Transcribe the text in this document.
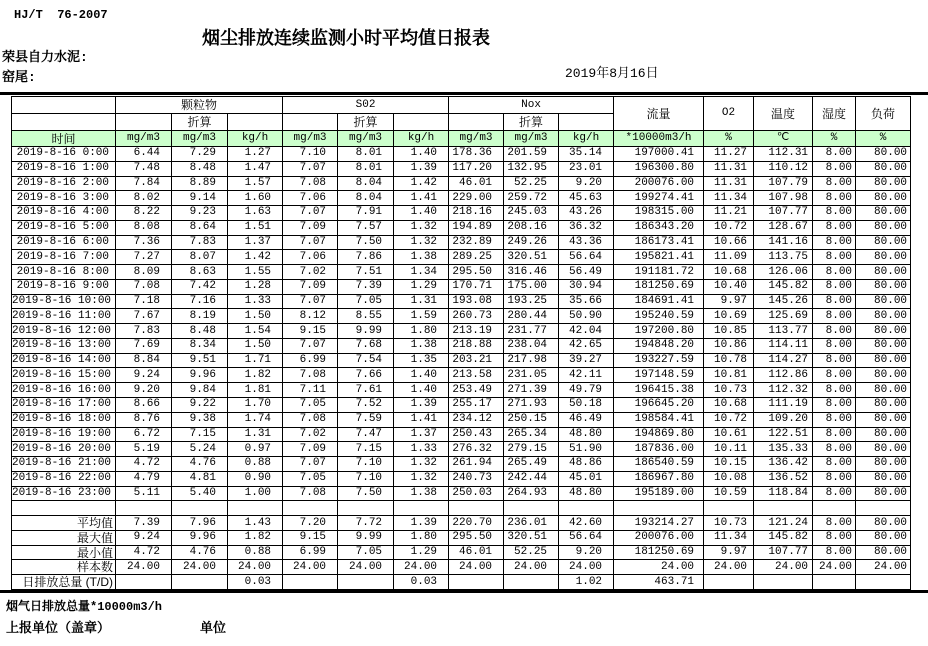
HJ/T  76-2007
烟尘排放连续监测小时平均值日报表
荣县自力水泥:
窑尾:	2019年8月16日
	颗粒物			S02			Nox			流量	O2	温度	湿度	负荷
		折算			折算			折算						
时间	mg/m3	mg/m3	kg/h	mg/m3	mg/m3	kg/h	mg/m3	mg/m3	kg/h	*10000m3/h	%	℃	%	%
2019-8-16 0:00	6.44	7.29	1.27	7.10	8.01	1.40	178.36	201.59	35.14	197000.41	11.27	112.31	8.00	80.00
2019-8-16 1:00	7.48	8.48	1.47	7.07	8.01	1.39	117.20	132.95	23.01	196300.80	11.31	110.12	8.00	80.00
2019-8-16 2:00	7.84	8.89	1.57	7.08	8.04	1.42	46.01	52.25	9.20	200076.00	11.31	107.79	8.00	80.00
2019-8-16 3:00	8.02	9.14	1.60	7.06	8.04	1.41	229.00	259.72	45.63	199274.41	11.34	107.98	8.00	80.00
2019-8-16 4:00	8.22	9.23	1.63	7.07	7.91	1.40	218.16	245.03	43.26	198315.00	11.21	107.77	8.00	80.00
2019-8-16 5:00	8.08	8.64	1.51	7.09	7.57	1.32	194.89	208.16	36.32	186343.20	10.72	128.67	8.00	80.00
2019-8-16 6:00	7.36	7.83	1.37	7.07	7.50	1.32	232.89	249.26	43.36	186173.41	10.66	141.16	8.00	80.00
2019-8-16 7:00	7.27	8.07	1.42	7.06	7.86	1.38	289.25	320.51	56.64	195821.41	11.09	113.75	8.00	80.00
2019-8-16 8:00	8.09	8.63	1.55	7.02	7.51	1.34	295.50	316.46	56.49	191181.72	10.68	126.06	8.00	80.00
2019-8-16 9:00	7.08	7.42	1.28	7.09	7.39	1.29	170.71	175.00	30.94	181250.69	10.40	145.82	8.00	80.00
2019-8-16 10:00	7.18	7.16	1.33	7.07	7.05	1.31	193.08	193.25	35.66	184691.41	9.97	145.26	8.00	80.00
2019-8-16 11:00	7.67	8.19	1.50	8.12	8.55	1.59	260.73	280.44	50.90	195240.59	10.69	125.69	8.00	80.00
2019-8-16 12:00	7.83	8.48	1.54	9.15	9.99	1.80	213.19	231.77	42.04	197200.80	10.85	113.77	8.00	80.00
2019-8-16 13:00	7.69	8.34	1.50	7.07	7.68	1.38	218.88	238.04	42.65	194848.20	10.86	114.11	8.00	80.00
2019-8-16 14:00	8.84	9.51	1.71	6.99	7.54	1.35	203.21	217.98	39.27	193227.59	10.78	114.27	8.00	80.00
2019-8-16 15:00	9.24	9.96	1.82	7.08	7.66	1.40	213.58	231.05	42.11	197148.59	10.81	112.86	8.00	80.00
2019-8-16 16:00	9.20	9.84	1.81	7.11	7.61	1.40	253.49	271.39	49.79	196415.38	10.73	112.32	8.00	80.00
2019-8-16 17:00	8.66	9.22	1.70	7.05	7.52	1.39	255.17	271.93	50.18	196645.20	10.68	111.19	8.00	80.00
2019-8-16 18:00	8.76	9.38	1.74	7.08	7.59	1.41	234.12	250.15	46.49	198584.41	10.72	109.20	8.00	80.00
2019-8-16 19:00	6.72	7.15	1.31	7.02	7.47	1.37	250.43	265.34	48.80	194869.80	10.61	122.51	8.00	80.00
2019-8-16 20:00	5.19	5.24	0.97	7.09	7.15	1.33	276.32	279.15	51.90	187836.00	10.11	135.33	8.00	80.00
2019-8-16 21:00	4.72	4.76	0.88	7.07	7.10	1.32	261.94	265.49	48.86	186540.59	10.15	136.42	8.00	80.00
2019-8-16 22:00	4.79	4.81	0.90	7.05	7.10	1.32	240.73	242.44	45.01	186967.80	10.08	136.52	8.00	80.00
2019-8-16 23:00	5.11	5.40	1.00	7.08	7.50	1.38	250.03	264.93	48.80	195189.00	10.59	118.84	8.00	80.00

平均值	7.39	7.96	1.43	7.20	7.72	1.39	220.70	236.01	42.60	193214.27	10.73	121.24	8.00	80.00
最大值	9.24	9.96	1.82	9.15	9.99	1.80	295.50	320.51	56.64	200076.00	11.34	145.82	8.00	80.00
最小值	4.72	4.76	0.88	6.99	7.05	1.29	46.01	52.25	9.20	181250.69	9.97	107.77	8.00	80.00
样本数	24.00	24.00	24.00	24.00	24.00	24.00	24.00	24.00	24.00	24.00	24.00	24.00	24.00	24.00

日排放总量 (T/D)			0.03			0.03			1.02	463.71				
烟气日排放总量*10000m3/h
上报单位（盖章）	单位
